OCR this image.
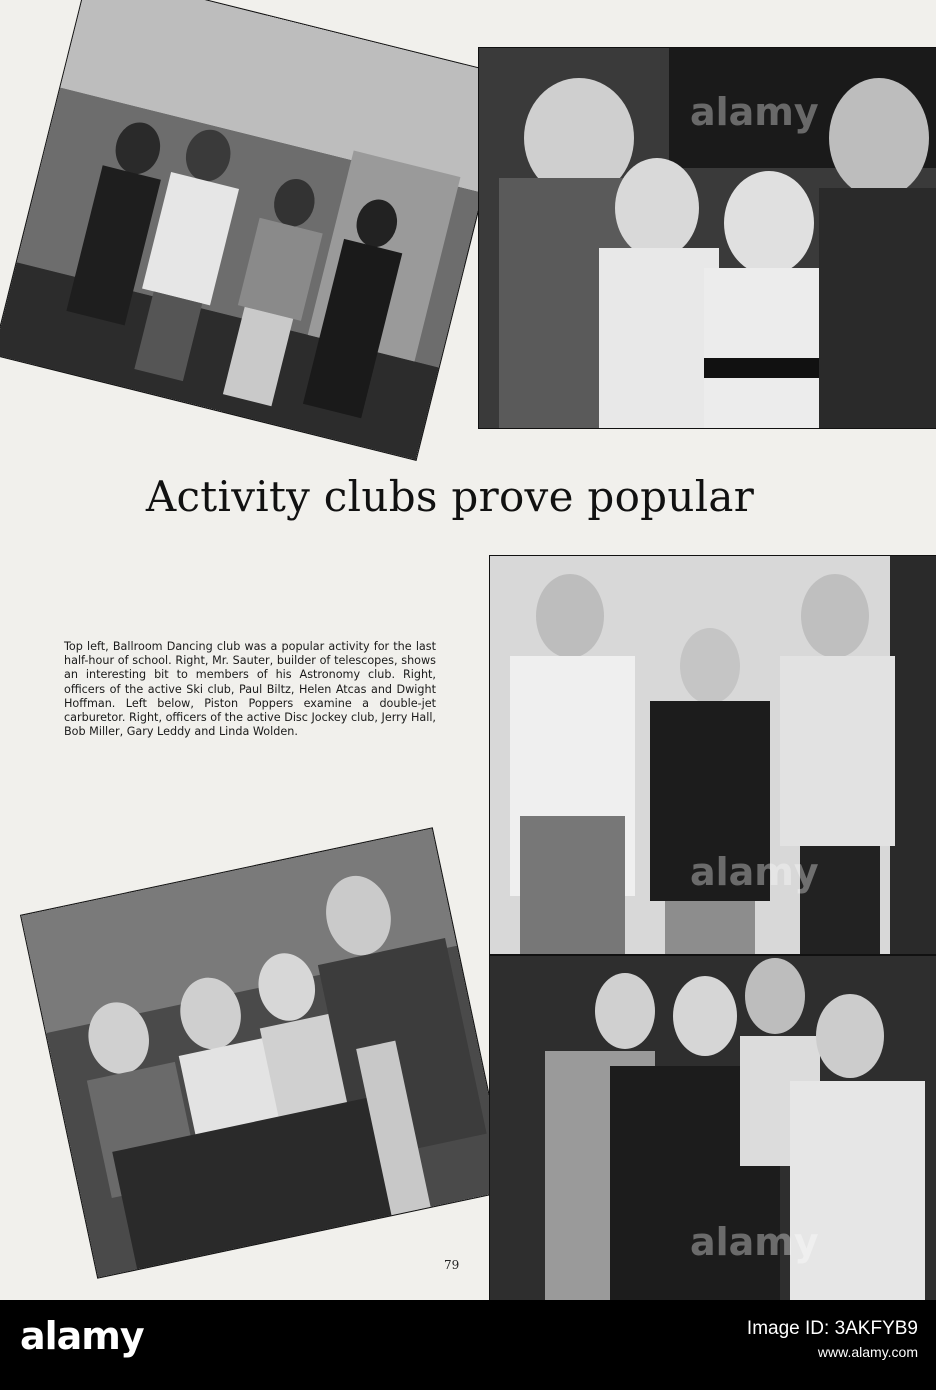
Activity clubs prove popular

Top left, Ballroom Dancing club was a popular activity for the last half-hour of school. Right, Mr. Sauter, builder of telescopes, shows an interesting bit to members of his Astronomy club. Right, officers of the active Ski club, Paul Biltz, Helen Atcas and Dwight Hoffman. Left below, Piston Poppers examine a double-jet carburetor. Right, officers of the active Disc Jockey club, Jerry Hall, Bob Miller, Gary Leddy and Linda Wolden.

79
alamy
alamy
alamy
alamy	Image ID: 3AKFYB9
www.alamy.com
